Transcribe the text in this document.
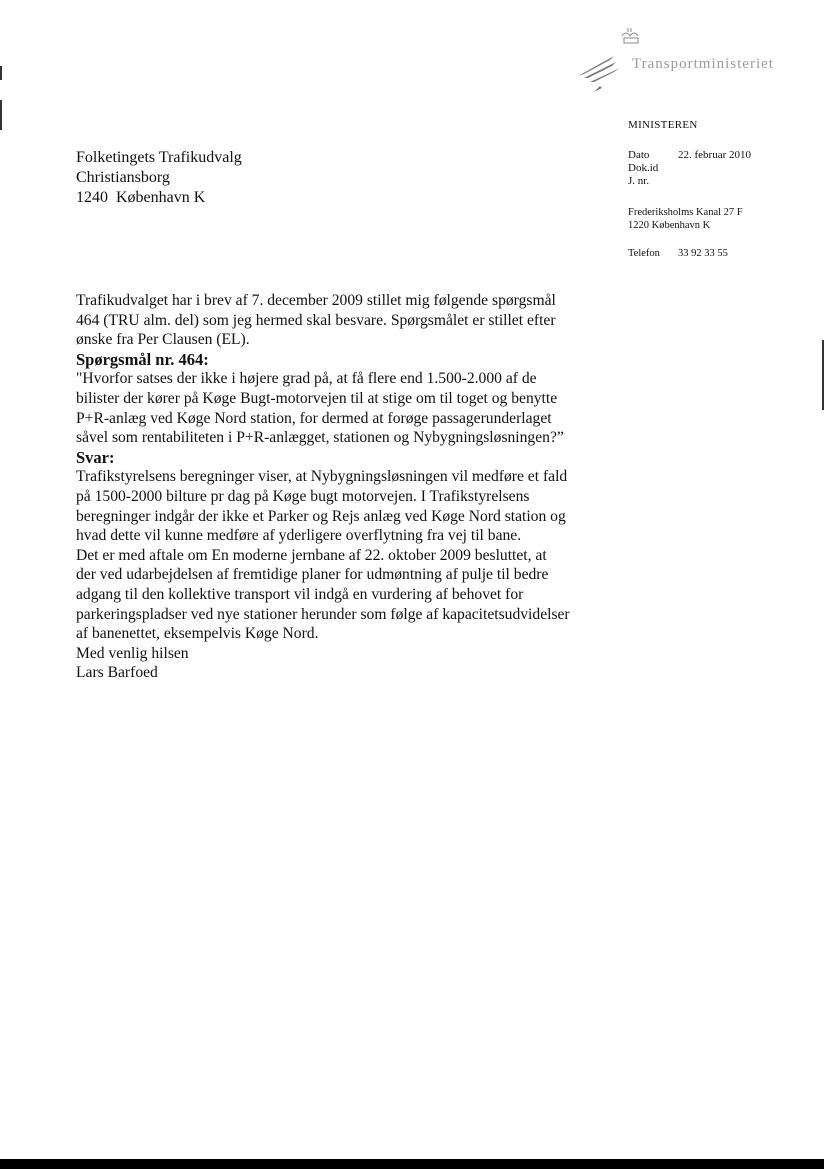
Transportministeriet
MINISTEREN
Dato	22. februar 2010
Dok.id
J. nr.
Frederiksholms Kanal 27 F
1220 København K
Telefon	33 92 33 55
Folketingets Trafikudvalg
Christiansborg
1240  København K

Trafikudvalget har i brev af 7. december 2009 stillet mig følgende spørgsmål
464 (TRU alm. del) som jeg hermed skal besvare. Spørgsmålet er stillet efter
ønske fra Per Clausen (EL).

Spørgsmål nr. 464:

"Hvorfor satses der ikke i højere grad på, at få flere end 1.500-2.000 af de
bilister der kører på Køge Bugt-motorvejen til at stige om til toget og benytte
P+R-anlæg ved Køge Nord station, for dermed at forøge passagerunderlaget
såvel som rentabiliteten i P+R-anlægget, stationen og Nybygningsløsningen?”

Svar:

Trafikstyrelsens beregninger viser, at Nybygningsløsningen vil medføre et fald
på 1500-2000 bilture pr dag på Køge bugt motorvejen. I Trafikstyrelsens
beregninger indgår der ikke et Parker og Rejs anlæg ved Køge Nord station og
hvad dette vil kunne medføre af yderligere overflytning fra vej til bane.

Det er med aftale om En moderne jernbane af 22. oktober 2009 besluttet, at
der ved udarbejdelsen af fremtidige planer for udmøntning af pulje til bedre
adgang til den kollektive transport vil indgå en vurdering af behovet for
parkeringspladser ved nye stationer herunder som følge af kapacitetsudvidelser
af banenettet, eksempelvis Køge Nord.

Med venlig hilsen

Lars Barfoed
